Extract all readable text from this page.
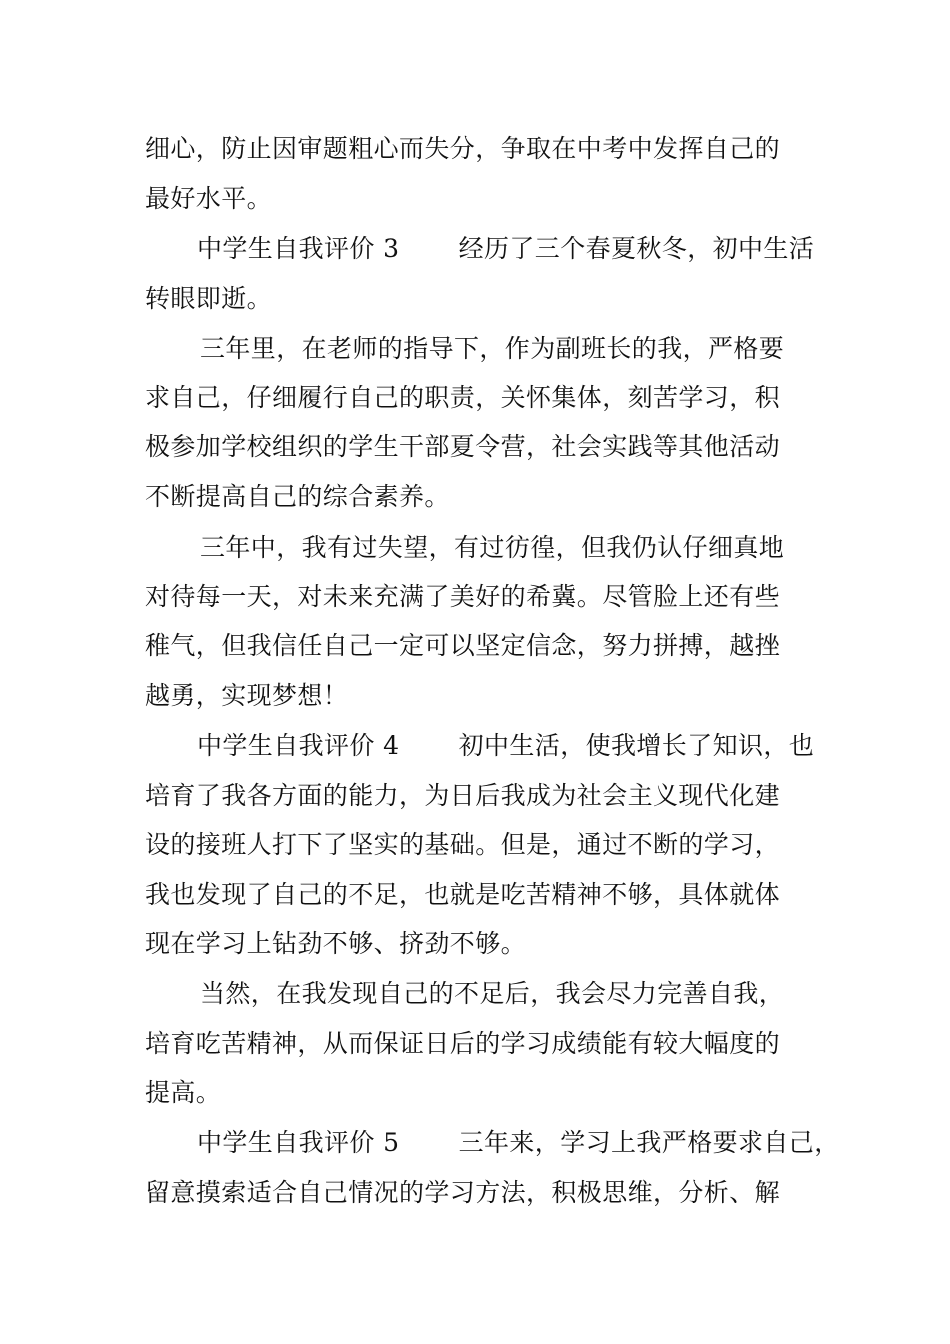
细心，防止因审题粗心而失分，争取在中考中发挥自己的
最好水平。
中学生自我评价 3　　 经历了三个春夏秋冬，初中生活
转眼即逝。
三年里，在老师的指导下，作为副班长的我，严格要
求自己，仔细履行自己的职责，关怀集体，刻苦学习，积
极参加学校组织的学生干部夏令营，社会实践等其他活动
不断提高自己的综合素养。
三年中，我有过失望，有过彷徨，但我仍认仔细真地
对待每一天，对未来充满了美好的希冀。尽管脸上还有些
稚气，但我信任自己一定可以坚定信念，努力拼搏，越挫
越勇，实现梦想！
中学生自我评价 4　　 初中生活，使我增长了知识，也
培育了我各方面的能力，为日后我成为社会主义现代化建
设的接班人打下了坚实的基础。但是，通过不断的学习，
我也发现了自己的不足，也就是吃苦精神不够，具体就体
现在学习上钻劲不够、挤劲不够。
当然，在我发现自己的不足后，我会尽力完善自我，
培育吃苦精神，从而保证日后的学习成绩能有较大幅度的
提高。
中学生自我评价 5　　 三年来，学习上我严格要求自己，
留意摸索适合自己情况的学习方法，积极思维，分析、解
